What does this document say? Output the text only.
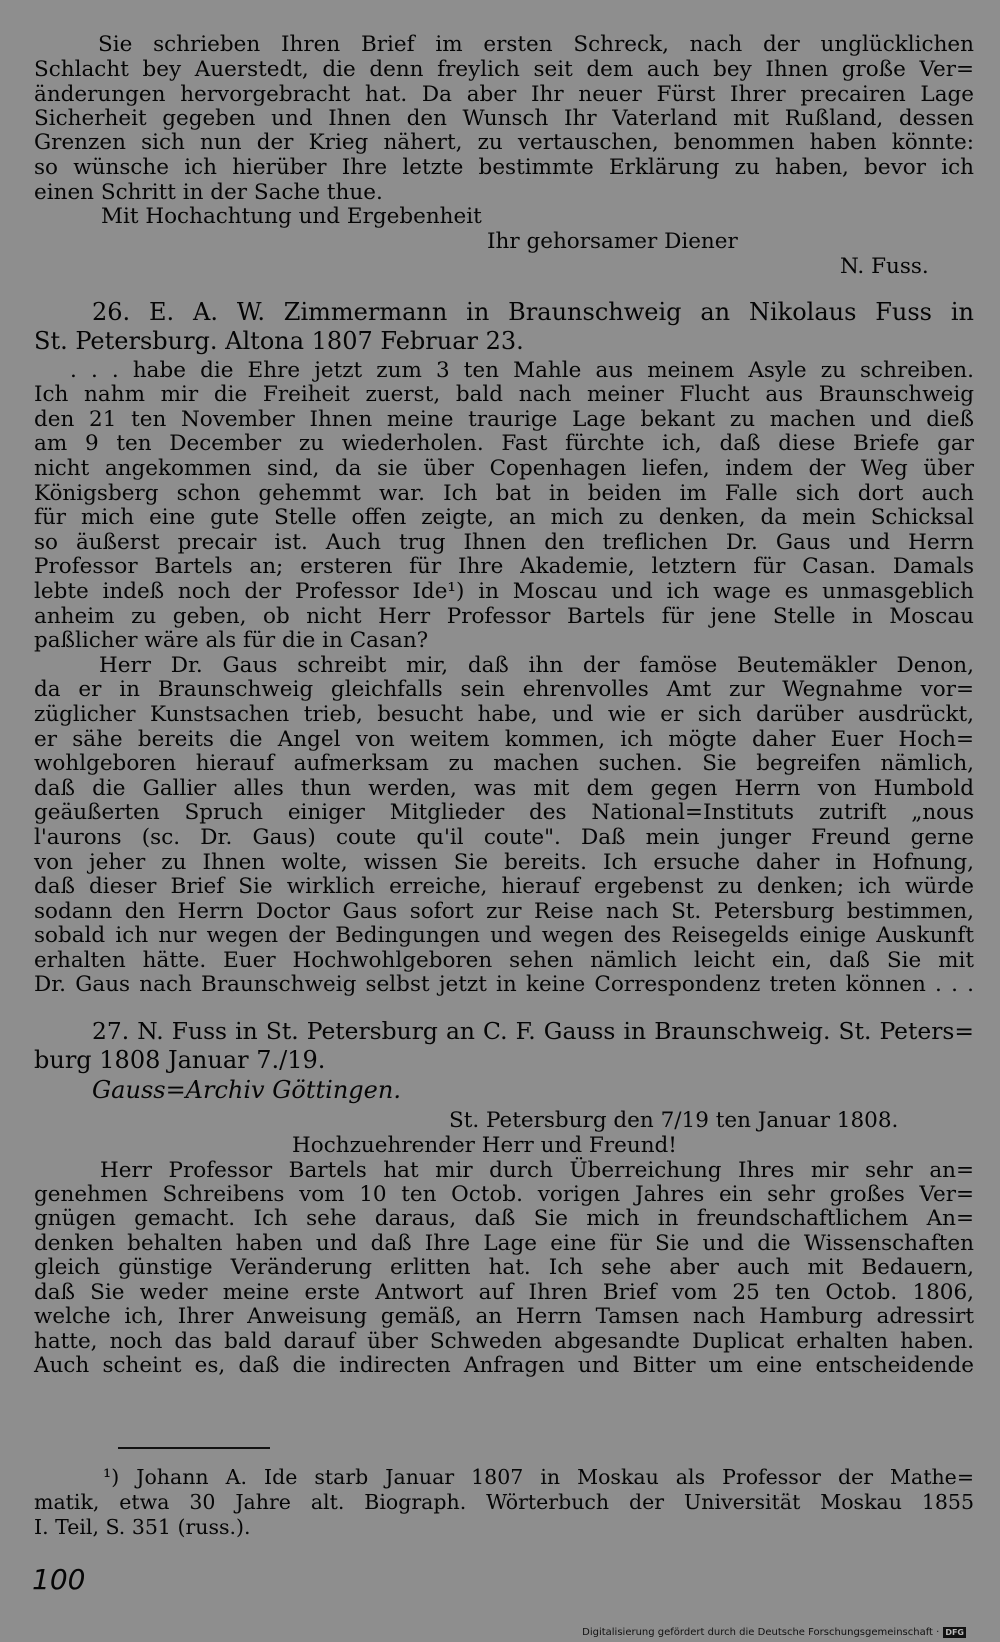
Sie schrieben Ihren Brief im ersten Schreck, nach der unglücklichen
Schlacht bey Auerstedt, die denn freylich seit dem auch bey Ihnen große Ver=
änderungen hervorgebracht hat. Da aber Ihr neuer Fürst Ihrer precairen Lage
Sicherheit gegeben und Ihnen den Wunsch Ihr Vaterland mit Rußland, dessen
Grenzen sich nun der Krieg nähert, zu vertauschen, benommen haben könnte:
so wünsche ich hierüber Ihre letzte bestimmte Erklärung zu haben, bevor ich
einen Schritt in der Sache thue.
Mit Hochachtung und Ergebenheit
Ihr gehorsamer Diener
N. Fuss.
26. E. A. W. Zimmermann in Braunschweig an Nikolaus Fuss in
St. Petersburg. Altona 1807 Februar 23.
. . . habe die Ehre jetzt zum 3 ten Mahle aus meinem Asyle zu schreiben.
Ich nahm mir die Freiheit zuerst, bald nach meiner Flucht aus Braunschweig
den 21 ten November Ihnen meine traurige Lage bekant zu machen und dieß
am 9 ten December zu wiederholen. Fast fürchte ich, daß diese Briefe gar
nicht angekommen sind, da sie über Copenhagen liefen, indem der Weg über
Königsberg schon gehemmt war. Ich bat in beiden im Falle sich dort auch
für mich eine gute Stelle offen zeigte, an mich zu denken, da mein Schicksal
so äußerst precair ist. Auch trug Ihnen den treflichen Dr. Gaus und Herrn
Professor Bartels an; ersteren für Ihre Akademie, letztern für Casan. Damals
lebte indeß noch der Professor Ide¹) in Moscau und ich wage es unmasgeblich
anheim zu geben, ob nicht Herr Professor Bartels für jene Stelle in Moscau
paßlicher wäre als für die in Casan?
Herr Dr. Gaus schreibt mir, daß ihn der famöse Beutemäkler Denon,
da er in Braunschweig gleichfalls sein ehrenvolles Amt zur Wegnahme vor=
züglicher Kunstsachen trieb, besucht habe, und wie er sich darüber ausdrückt,
er sähe bereits die Angel von weitem kommen, ich mögte daher Euer Hoch=
wohlgeboren hierauf aufmerksam zu machen suchen. Sie begreifen nämlich,
daß die Gallier alles thun werden, was mit dem gegen Herrn von Humbold
geäußerten Spruch einiger Mitglieder des National=Instituts zutrift „nous
l'aurons (sc. Dr. Gaus) coute qu'il coute". Daß mein junger Freund gerne
von jeher zu Ihnen wolte, wissen Sie bereits. Ich ersuche daher in Hofnung,
daß dieser Brief Sie wirklich erreiche, hierauf ergebenst zu denken; ich würde
sodann den Herrn Doctor Gaus sofort zur Reise nach St. Petersburg bestimmen,
sobald ich nur wegen der Bedingungen und wegen des Reisegelds einige Auskunft
erhalten hätte. Euer Hochwohlgeboren sehen nämlich leicht ein, daß Sie mit
Dr. Gaus nach Braunschweig selbst jetzt in keine Correspondenz treten können . . .
27. N. Fuss in St. Petersburg an C. F. Gauss in Braunschweig. St. Peters=
burg 1808 Januar 7./19.
Gauss=Archiv Göttingen.
St. Petersburg den 7/19 ten Januar 1808.
Hochzuehrender Herr und Freund!
Herr Professor Bartels hat mir durch Überreichung Ihres mir sehr an=
genehmen Schreibens vom 10 ten Octob. vorigen Jahres ein sehr großes Ver=
gnügen gemacht. Ich sehe daraus, daß Sie mich in freundschaftlichem An=
denken behalten haben und daß Ihre Lage eine für Sie und die Wissenschaften
gleich günstige Veränderung erlitten hat. Ich sehe aber auch mit Bedauern,
daß Sie weder meine erste Antwort auf Ihren Brief vom 25 ten Octob. 1806,
welche ich, Ihrer Anweisung gemäß, an Herrn Tamsen nach Hamburg adressirt
hatte, noch das bald darauf über Schweden abgesandte Duplicat erhalten haben.
Auch scheint es, daß die indirecten Anfragen und Bitter um eine entscheidende
¹) Johann A. Ide starb Januar 1807 in Moskau als Professor der Mathe=
matik, etwa 30 Jahre alt. Biograph. Wörterbuch der Universität Moskau 1855
I. Teil, S. 351 (russ.).
100
Digitalisierung gefördert durch die Deutsche Forschungsgemeinschaft · DFG
